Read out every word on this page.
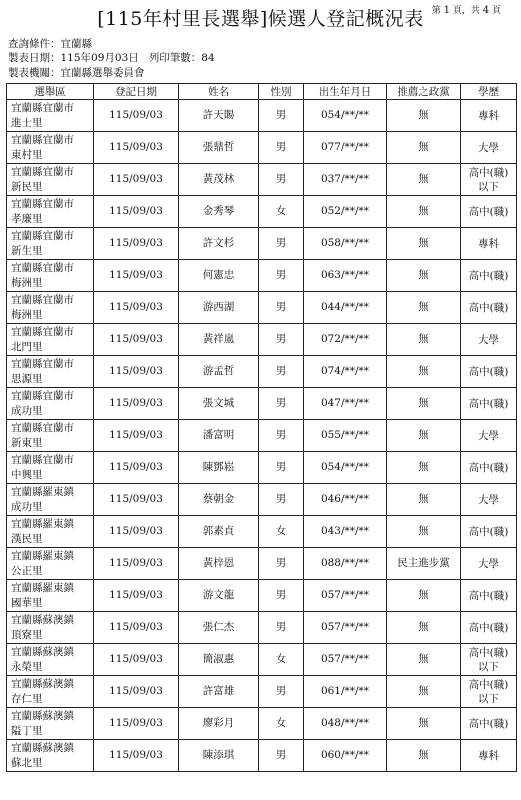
[115年村里長選舉]候選人登記概況表 第 1 頁，共 4 頁
查詢條件：宜蘭縣
製表日期：115年09月03日 列印筆數：84
製表機關：宜蘭縣選舉委員會
選舉區	登記日期	姓名	性別	出生年月日	推薦之政黨	學歷
宜蘭縣宜蘭市
進士里	115/09/03	許天賜	男	054/**/**	無	專科
宜蘭縣宜蘭市
東村里	115/09/03	張鼎哲	男	077/**/**	無	大學
宜蘭縣宜蘭市
新民里	115/09/03	黃茂林	男	037/**/**	無	高中(職)
以下
宜蘭縣宜蘭市
孝廉里	115/09/03	金秀琴	女	052/**/**	無	高中(職)
宜蘭縣宜蘭市
新生里	115/09/03	許文杉	男	058/**/**	無	專科
宜蘭縣宜蘭市
梅洲里	115/09/03	何憲忠	男	063/**/**	無	高中(職)
宜蘭縣宜蘭市
梅洲里	115/09/03	游西湖	男	044/**/**	無	高中(職)
宜蘭縣宜蘭市
北門里	115/09/03	黃祥嵐	男	072/**/**	無	大學
宜蘭縣宜蘭市
思源里	115/09/03	游孟哲	男	074/**/**	無	高中(職)
宜蘭縣宜蘭市
成功里	115/09/03	張文城	男	047/**/**	無	高中(職)
宜蘭縣宜蘭市
新東里	115/09/03	潘富明	男	055/**/**	無	大學
宜蘭縣宜蘭市
中興里	115/09/03	陳鄧崧	男	054/**/**	無	高中(職)
宜蘭縣羅東鎮
成功里	115/09/03	蔡朝金	男	046/**/**	無	大學
宜蘭縣羅東鎮
漢民里	115/09/03	郭素貞	女	043/**/**	無	高中(職)
宜蘭縣羅東鎮
公正里	115/09/03	黃梓恩	男	088/**/**	民主進步黨	大學
宜蘭縣羅東鎮
國華里	115/09/03	游文龍	男	057/**/**	無	高中(職)
宜蘭縣蘇澳鎮
頂寮里	115/09/03	張仁杰	男	057/**/**	無	高中(職)
宜蘭縣蘇澳鎮
永榮里	115/09/03	簡淑惠	女	057/**/**	無	高中(職)
以下
宜蘭縣蘇澳鎮
存仁里	115/09/03	許富雄	男	061/**/**	無	高中(職)
以下
宜蘭縣蘇澳鎮
隘丁里	115/09/03	廖彩月	女	048/**/**	無	高中(職)
宜蘭縣蘇澳鎮
蘇北里	115/09/03	陳添琪	男	060/**/**	無	專科
